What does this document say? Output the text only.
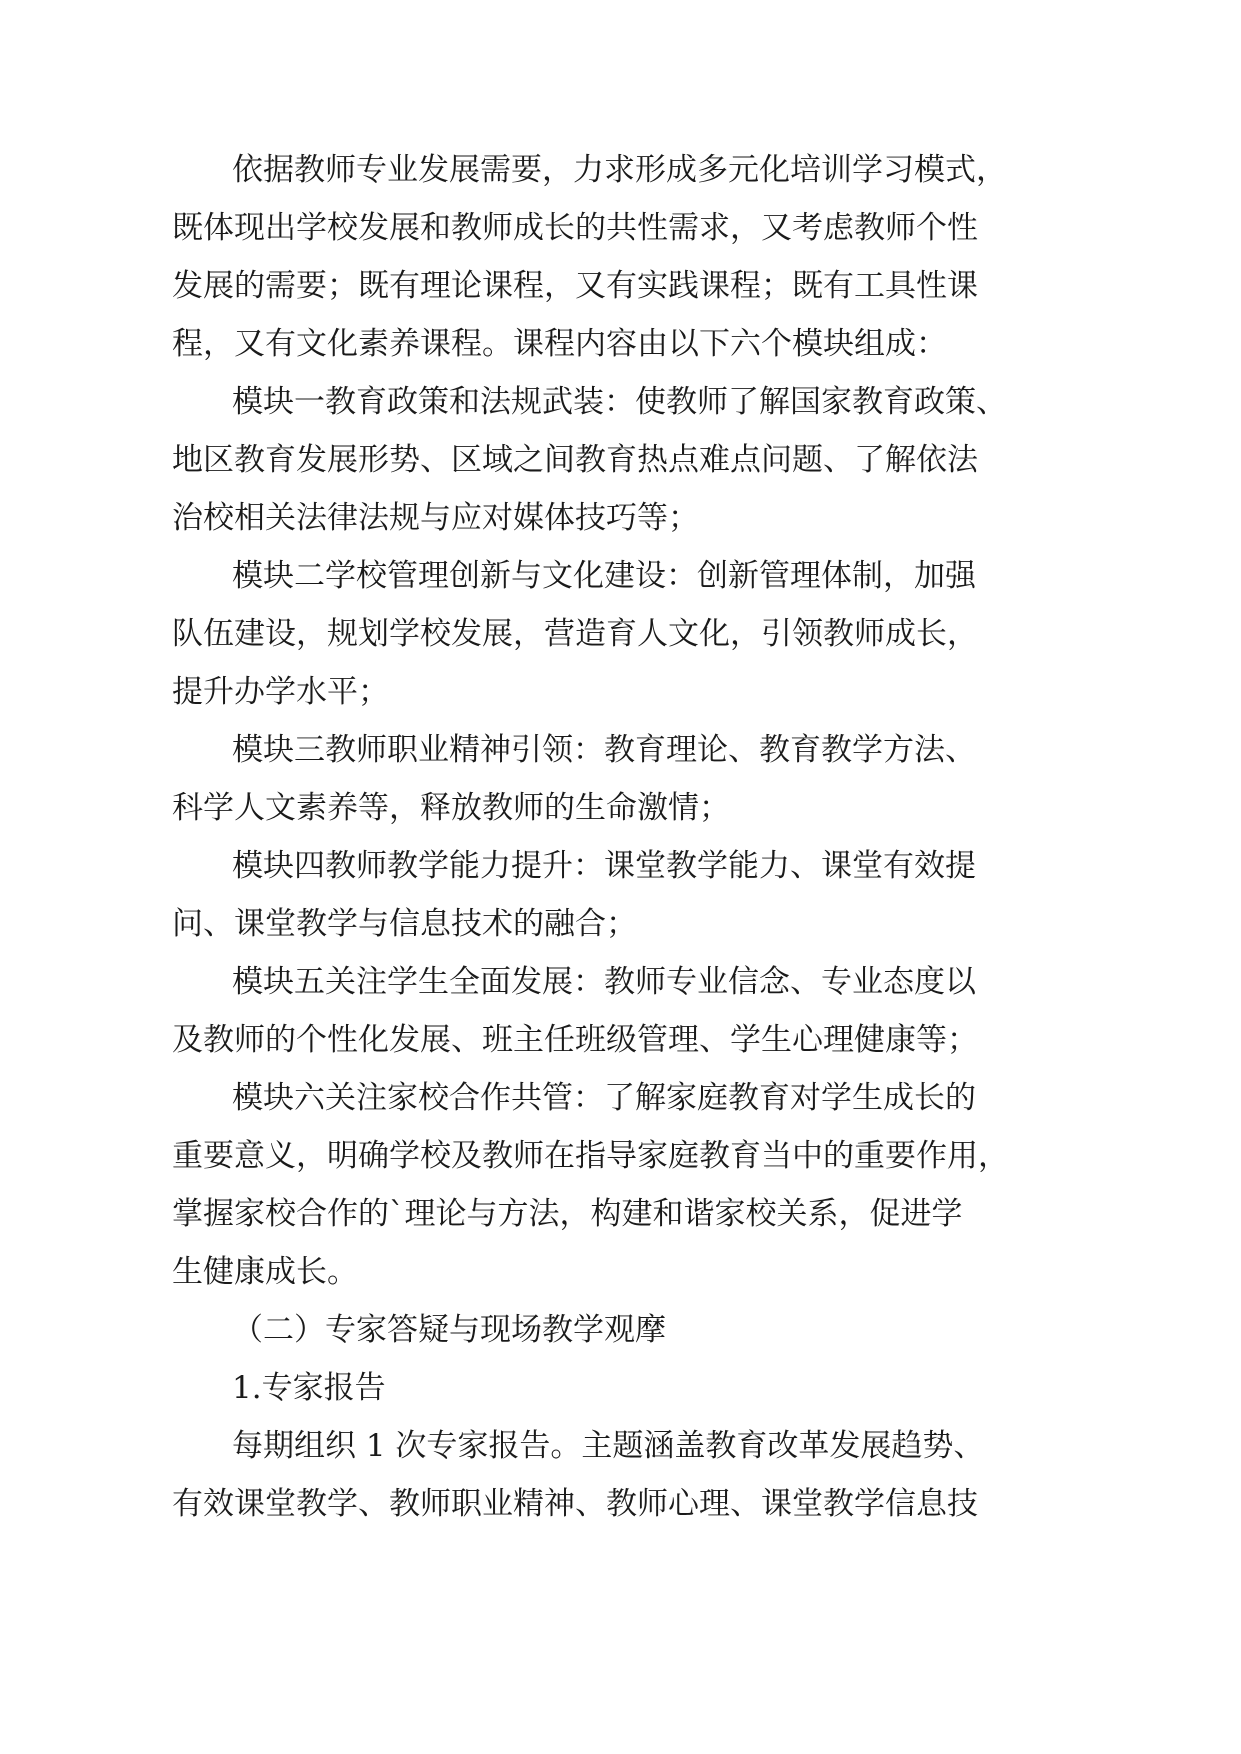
依据教师专业发展需要，力求形成多元化培训学习模式，
既体现出学校发展和教师成长的共性需求，又考虑教师个性
发展的需要；既有理论课程，又有实践课程；既有工具性课
程，又有文化素养课程。课程内容由以下六个模块组成：
模块一教育政策和法规武装：使教师了解国家教育政策、
地区教育发展形势、区域之间教育热点难点问题、了解依法
治校相关法律法规与应对媒体技巧等；
模块二学校管理创新与文化建设：创新管理体制，加强
队伍建设，规划学校发展，营造育人文化，引领教师成长，
提升办学水平；
模块三教师职业精神引领：教育理论、教育教学方法、
科学人文素养等，释放教师的生命激情；
模块四教师教学能力提升：课堂教学能力、课堂有效提
问、课堂教学与信息技术的融合；
模块五关注学生全面发展：教师专业信念、专业态度以
及教师的个性化发展、班主任班级管理、学生心理健康等；
模块六关注家校合作共管：了解家庭教育对学生成长的
重要意义，明确学校及教师在指导家庭教育当中的重要作用，
掌握家校合作的`理论与方法，构建和谐家校关系，促进学
生健康成长。
（二）专家答疑与现场教学观摩
1.专家报告
每期组织 1 次专家报告。主题涵盖教育改革发展趋势、
有效课堂教学、教师职业精神、教师心理、课堂教学信息技
